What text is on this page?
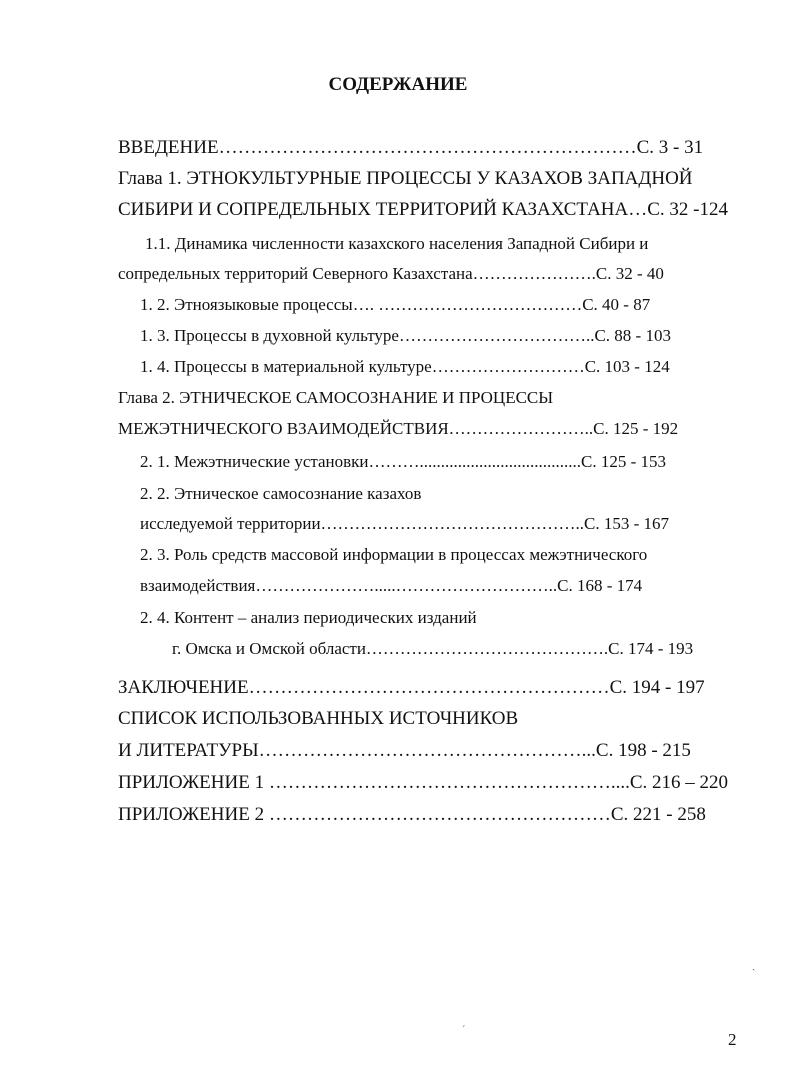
СОДЕРЖАНИЕ
ВВЕДЕНИЕ…………………………………………………………С. 3 - 31
Глава 1. ЭТНОКУЛЬТУРНЫЕ ПРОЦЕССЫ У КАЗАХОВ ЗАПАДНОЙ
СИБИРИ И СОПРЕДЕЛЬНЫХ ТЕРРИТОРИЙ КАЗАХСТАНА…С. 32 -124
1.1. Динамика численности казахского населения Западной Сибири и
сопредельных территорий Северного Казахстана………………….С. 32 - 40
1. 2. Этноязыковые процессы…. ………………………………С. 40 - 87
1. 3. Процессы в духовной культуре……………………………..С. 88 - 103
1. 4. Процессы в материальной культуре………………………С. 103 - 124
Глава 2. ЭТНИЧЕСКОЕ САМОСОЗНАНИЕ И ПРОЦЕССЫ
МЕЖЭТНИЧЕСКОГО ВЗАИМОДЕЙСТВИЯ……………………..С. 125 - 192
2. 1. Межэтнические установки………......................................С. 125 - 153
2. 2. Этническое самосознание казахов
исследуемой территории………………………………………..С. 153 - 167
2. 3. Роль средств массовой информации в процессах межэтнического
взаимодействия………………….....………………………..С. 168 - 174
2. 4. Контент – анализ периодических изданий
г. Омска и Омской области…………………………………….С. 174 - 193
ЗАКЛЮЧЕНИЕ…………………………………………………С. 194 - 197
СПИСОК ИСПОЛЬЗОВАННЫХ ИСТОЧНИКОВ
И ЛИТЕРАТУРЫ……………………………………………...С. 198 - 215
ПРИЛОЖЕНИЕ 1 ………………………………………………....С. 216 – 220
ПРИЛОЖЕНИЕ 2 ………………………………………………С. 221 - 258
ˏ
ˊ	2
